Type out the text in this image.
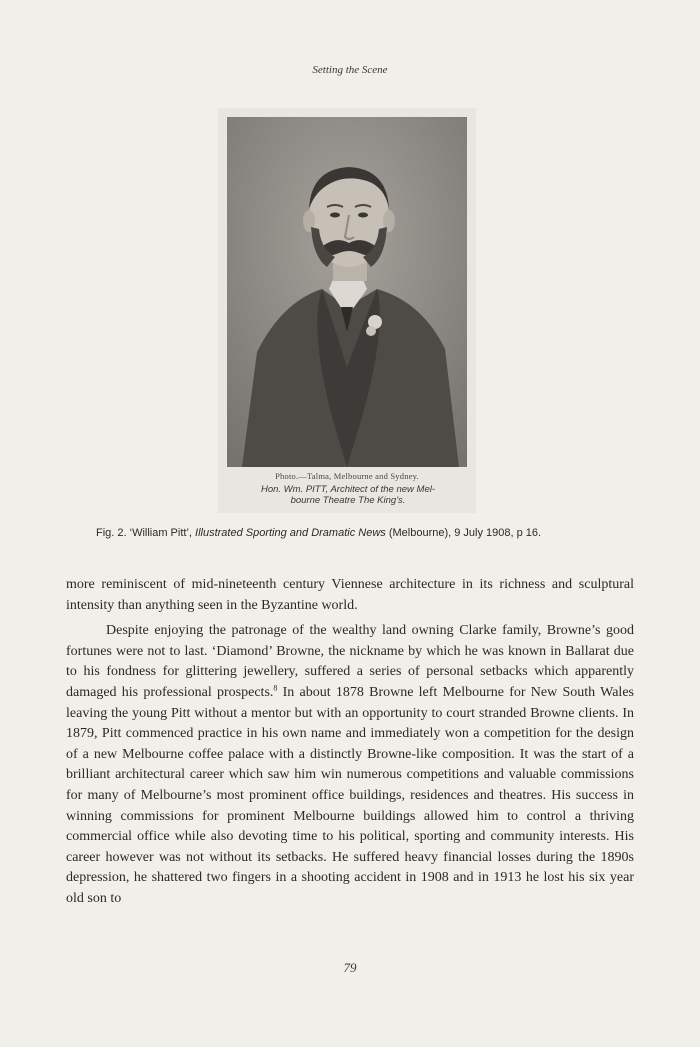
Setting the Scene
Photo.—Talma, Melbourne and Sydney.
Hon. Wm. PITT, Architect of the new Mel-
bourne Theatre The King's.
Fig. 2. ‘William Pitt’, Illustrated Sporting and Dramatic News (Melbourne), 9 July 1908, p 16.

more reminiscent of mid-nineteenth century Viennese architecture in its richness and sculptural intensity than anything seen in the Byzantine world.

Despite enjoying the patronage of the wealthy land owning Clarke family, Browne’s good fortunes were not to last. ‘Diamond’ Browne, the nickname by which he was known in Ballarat due to his fondness for glittering jewellery, suffered a series of personal setbacks which apparently damaged his professional prospects.$^8$ In about 1878 Browne left Melbourne for New South Wales leaving the young Pitt without a mentor but with an opportunity to court stranded Browne clients. In 1879, Pitt commenced practice in his own name and immediately won a competition for the design of a new Melbourne coffee palace with a distinctly Browne-like composition. It was the start of a brilliant architectural career which saw him win numerous competitions and valuable commissions for many of Melbourne’s most prominent office buildings, residences and theatres. His success in winning commissions for prominent Melbourne buildings allowed him to control a thriving commercial office while also devoting time to his political, sporting and community interests. His career however was not without its setbacks. He suffered heavy financial losses during the 1890s depression, he shattered two fingers in a shooting accident in 1908 and in 1913 he lost his six year old son to

79
